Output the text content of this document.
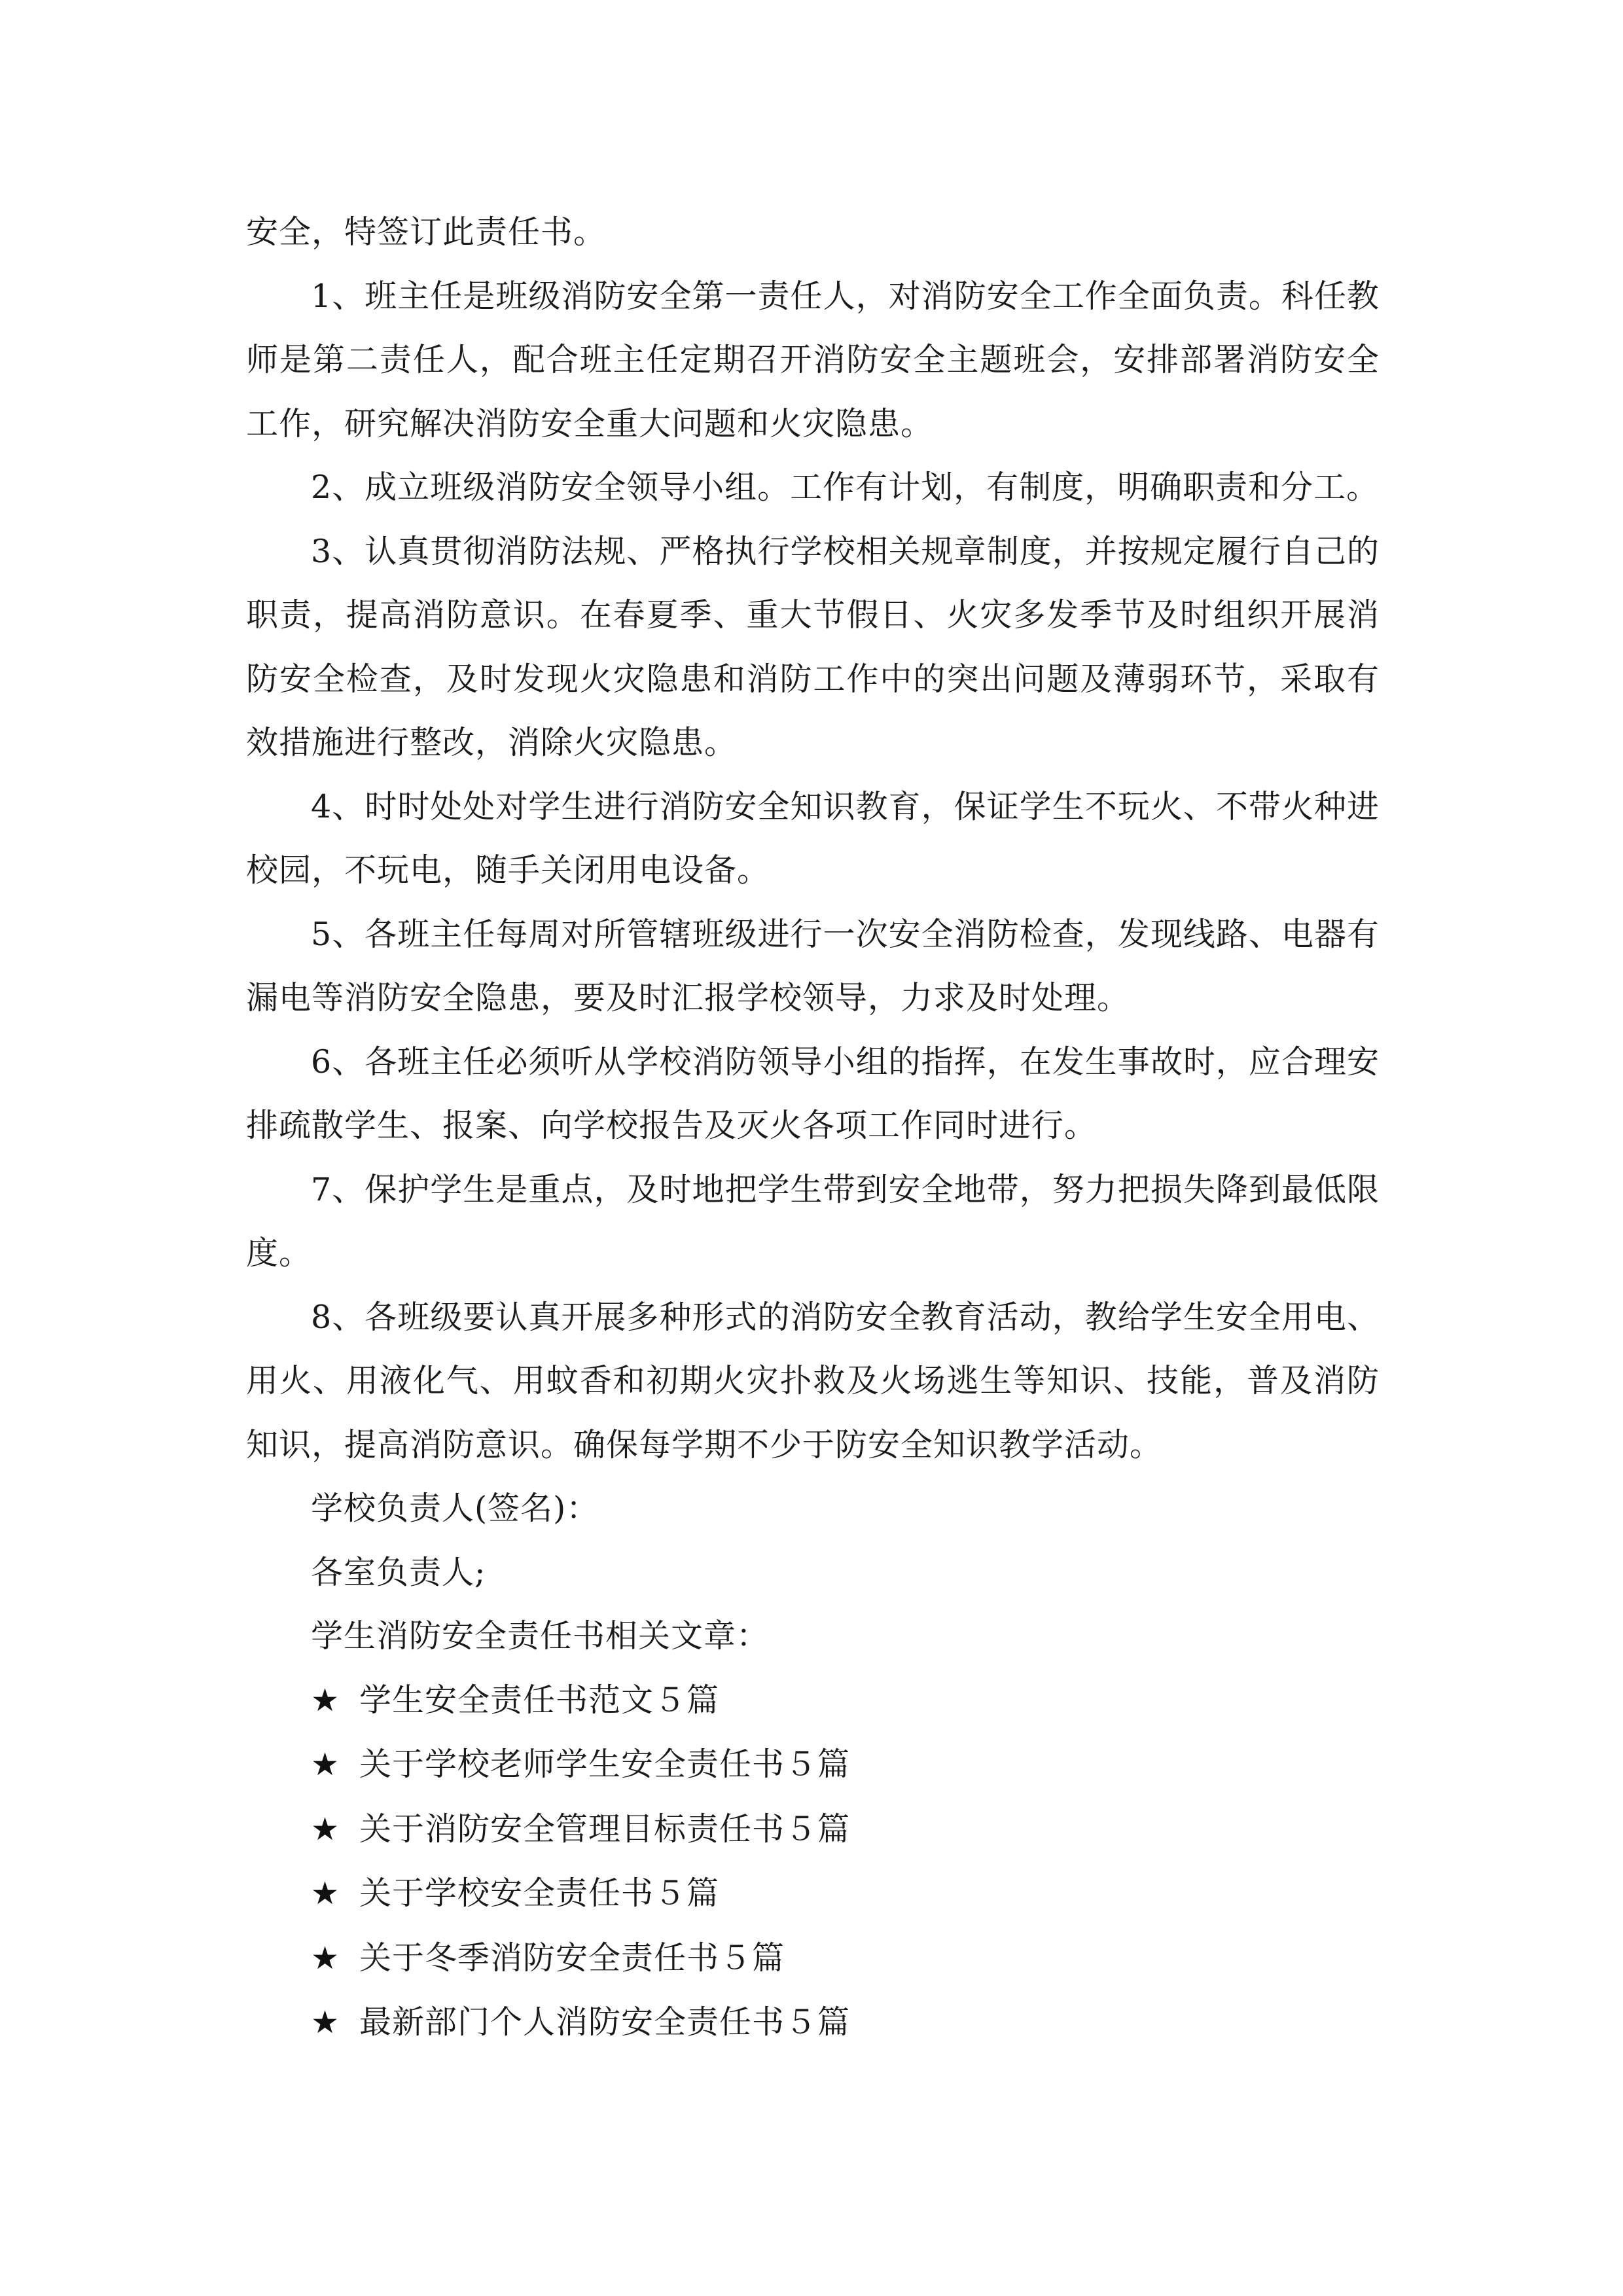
安全，特签订此责任书。

1、班主任是班级消防安全第一责任人，对消防安全工作全面负责。科任教师是第二责任人，配合班主任定期召开消防安全主题班会，安排部署消防安全工作，研究解决消防安全重大问题和火灾隐患。

2、成立班级消防安全领导小组。工作有计划，有制度，明确职责和分工。

3、认真贯彻消防法规、严格执行学校相关规章制度，并按规定履行自己的职责，提高消防意识。在春夏季、重大节假日、火灾多发季节及时组织开展消防安全检查，及时发现火灾隐患和消防工作中的突出问题及薄弱环节，采取有效措施进行整改，消除火灾隐患。

4、时时处处对学生进行消防安全知识教育，保证学生不玩火、不带火种进校园，不玩电，随手关闭用电设备。

5、各班主任每周对所管辖班级进行一次安全消防检查，发现线路、电器有漏电等消防安全隐患，要及时汇报学校领导，力求及时处理。

6、各班主任必须听从学校消防领导小组的指挥，在发生事故时，应合理安排疏散学生、报案、向学校报告及灭火各项工作同时进行。

7、保护学生是重点，及时地把学生带到安全地带，努力把损失降到最低限度。

8、各班级要认真开展多种形式的消防安全教育活动，教给学生安全用电、用火、用液化气、用蚊香和初期火灾扑救及火场逃生等知识、技能，普及消防知识，提高消防意识。确保每学期不少于防安全知识教学活动。

学校负责人(签名)：

各室负责人;

学生消防安全责任书相关文章：

★ 学生安全责任书范文５篇
★ 关于学校老师学生安全责任书５篇
★ 关于消防安全管理目标责任书５篇
★ 关于学校安全责任书５篇
★ 关于冬季消防安全责任书５篇
★ 最新部门个人消防安全责任书５篇
